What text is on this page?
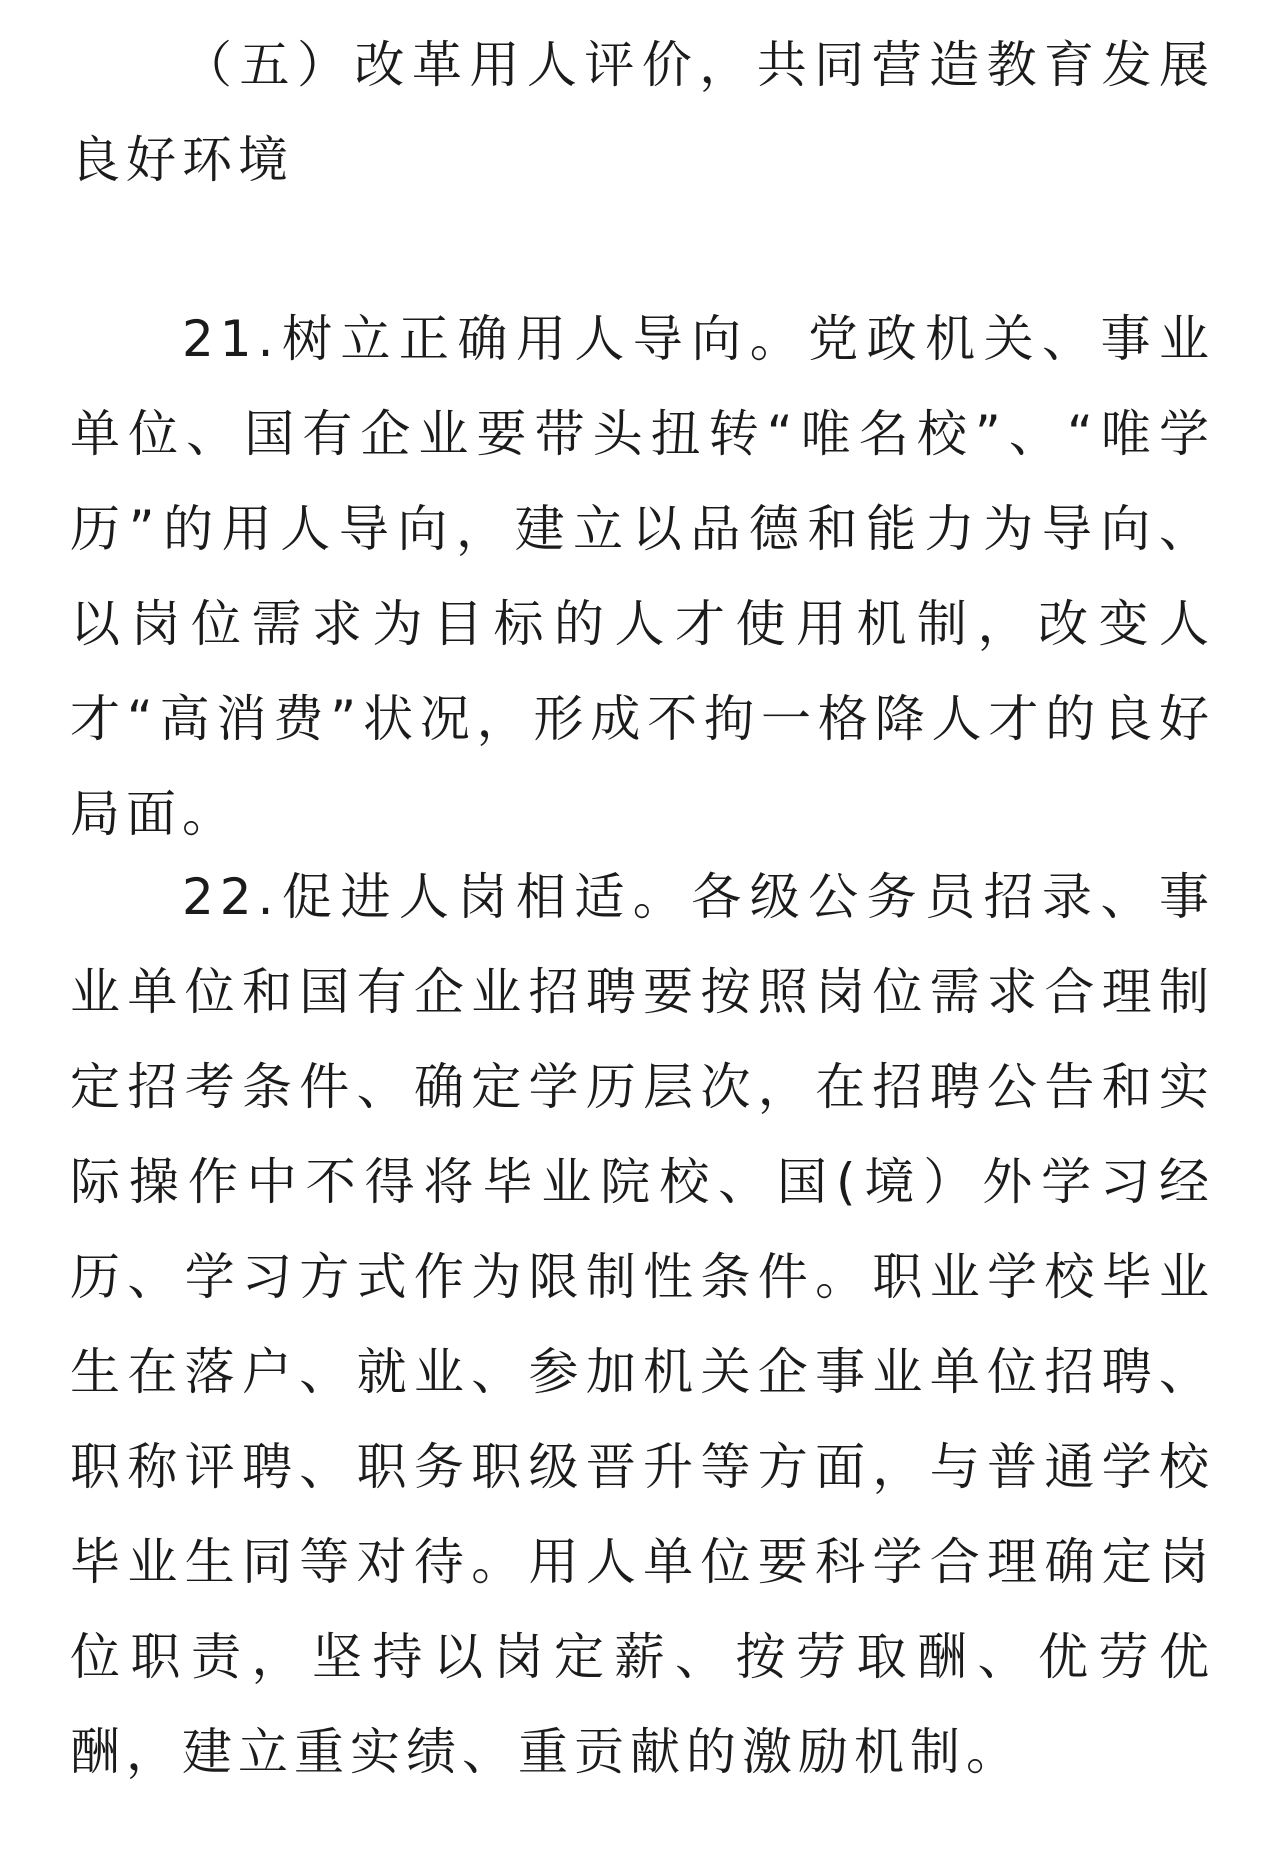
（五）改革用人评价，共同营造教育发展良好环境

21.树立正确用人导向。党政机关、事业单位、国有企业要带头扭转“唯名校”、“唯学历”的用人导向，建立以品德和能力为导向、以岗位需求为目标的人才使用机制，改变人才“高消费”状况，形成不拘一格降人才的良好局面。

22.促进人岗相适。各级公务员招录、事业单位和国有企业招聘要按照岗位需求合理制定招考条件、确定学历层次，在招聘公告和实际操作中不得将毕业院校、国(境）外学习经历、学习方式作为限制性条件。职业学校毕业生在落户、就业、参加机关企事业单位招聘、职称评聘、职务职级晋升等方面，与普通学校毕业生同等对待。用人单位要科学合理确定岗位职责，坚持以岗定薪、按劳取酬、优劳优酬，建立重实绩、重贡献的激励机制。
